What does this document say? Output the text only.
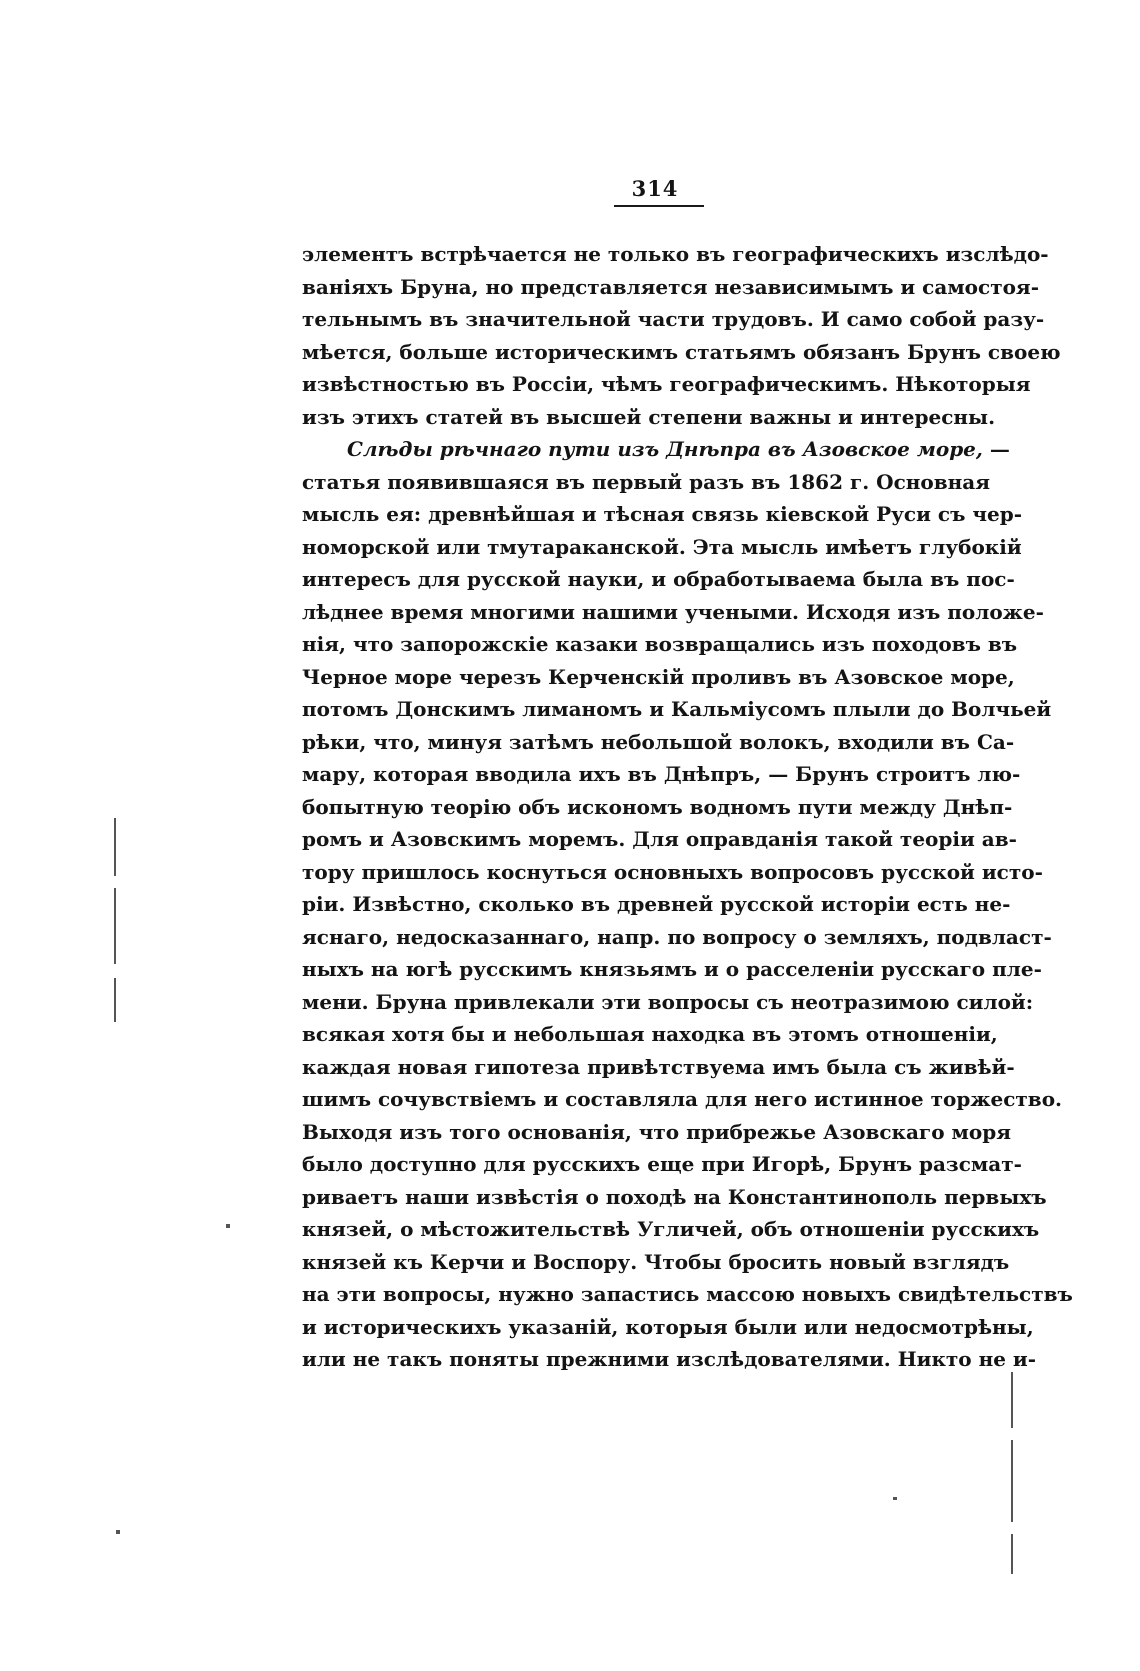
314
элементъ встрѣчается не только въ географическихъ изслѣдо-
ваніяхъ Бруна, но представляется независимымъ и самостоя-
тельнымъ въ значительной части трудовъ. И само собой разу-
мѣется, больше историческимъ статьямъ обязанъ Брунъ своею
извѣстностью въ Россіи, чѣмъ географическимъ. Нѣкоторыя
изъ этихъ статей въ высшей степени важны и интересны.
Слѣды рѣчнаго пути изъ Днѣпра въ Азовское море, —
статья появившаяся въ первый разъ въ 1862 г. Основная
мысль ея: древнѣйшая и тѣсная связь кіевской Руси съ чер-
номорской или тмутараканской. Эта мысль имѣетъ глубокій
интересъ для русской науки, и обработываема была въ пос-
лѣднее время многими нашими учеными. Исходя изъ положе-
нія, что запорожскіе казаки возвращались изъ походовъ въ
Черное море черезъ Керченскій проливъ въ Азовское море,
потомъ Донскимъ лиманомъ и Кальміусомъ плыли до Волчьей
рѣки, что, минуя затѣмъ небольшой волокъ, входили въ Са-
мару, которая вводила ихъ въ Днѣпръ, — Брунъ строитъ лю-
бопытную теорію объ искономъ водномъ пути между Днѣп-
ромъ и Азовскимъ моремъ. Для оправданія такой теоріи ав-
тору пришлось коснуться основныхъ вопросовъ русской исто-
ріи. Извѣстно, сколько въ древней русской исторіи есть не-
яснаго, недосказаннаго, напр. по вопросу о земляхъ, подвласт-
ныхъ на югѣ русскимъ князьямъ и о расселеніи русскаго пле-
мени. Бруна привлекали эти вопросы съ неотразимою силой:
всякая хотя бы и небольшая находка въ этомъ отношеніи,
каждая новая гипотеза привѣтствуема имъ была съ живѣй-
шимъ сочувствіемъ и составляла для него истинное торжество.
Выходя изъ того основанія, что прибрежье Азовскаго моря
было доступно для русскихъ еще при Игорѣ, Брунъ разсмат-
риваетъ наши извѣстія о походѣ на Константинополь первыхъ
князей, о мѣстожительствѣ Угличей, объ отношеніи русскихъ
князей къ Керчи и Воспору. Чтобы бросить новый взглядъ
на эти вопросы, нужно запастись массою новыхъ свидѣтельствъ
и историческихъ указаній, которыя были или недосмотрѣны,
или не такъ поняты прежними изслѣдователями. Никто не и-
